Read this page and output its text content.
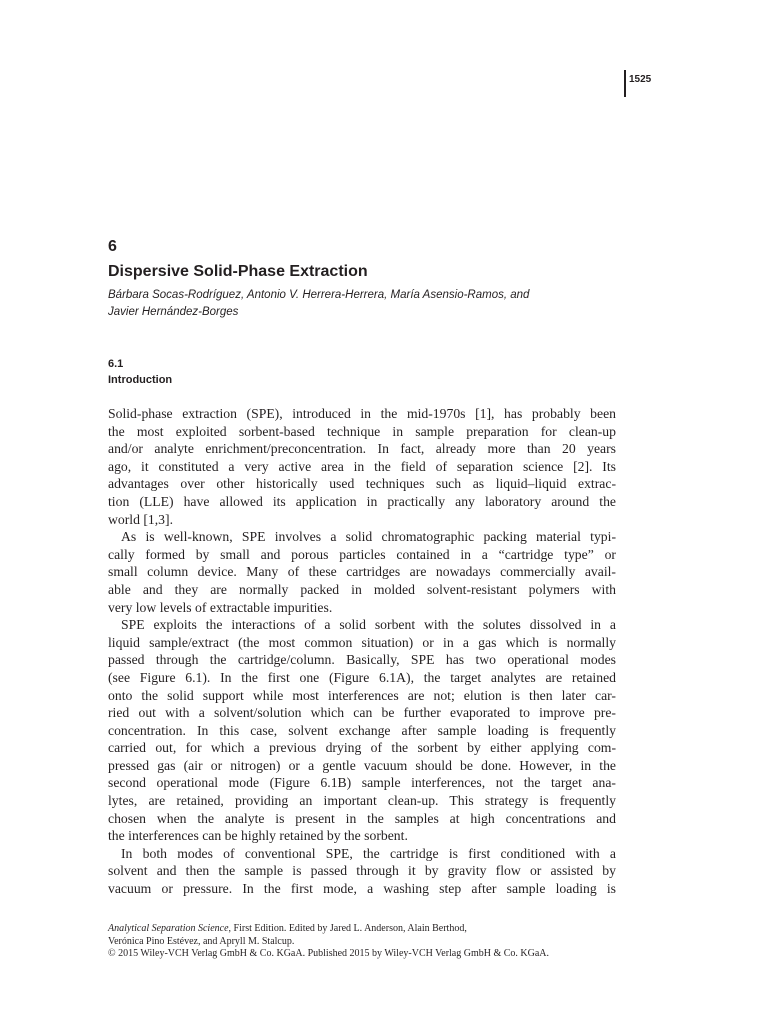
1525
6
Dispersive Solid-Phase Extraction
Bárbara Socas-Rodríguez, Antonio V. Herrera-Herrera, María Asensio-Ramos, and
Javier Hernández-Borges
6.1
Introduction
Solid-phase extraction (SPE), introduced in the mid-1970s [1], has probably been
the most exploited sorbent-based technique in sample preparation for clean-up
and/or analyte enrichment/preconcentration. In fact, already more than 20 years
ago, it constituted a very active area in the field of separation science [2]. Its
advantages over other historically used techniques such as liquid–liquid extrac-
tion (LLE) have allowed its application in practically any laboratory around the
world [1,3].
As is well-known, SPE involves a solid chromatographic packing material typi-
cally formed by small and porous particles contained in a “cartridge type” or
small column device. Many of these cartridges are nowadays commercially avail-
able and they are normally packed in molded solvent-resistant polymers with
very low levels of extractable impurities.
SPE exploits the interactions of a solid sorbent with the solutes dissolved in a
liquid sample/extract (the most common situation) or in a gas which is normally
passed through the cartridge/column. Basically, SPE has two operational modes
(see Figure 6.1). In the first one (Figure 6.1A), the target analytes are retained
onto the solid support while most interferences are not; elution is then later car-
ried out with a solvent/solution which can be further evaporated to improve pre-
concentration. In this case, solvent exchange after sample loading is frequently
carried out, for which a previous drying of the sorbent by either applying com-
pressed gas (air or nitrogen) or a gentle vacuum should be done. However, in the
second operational mode (Figure 6.1B) sample interferences, not the target ana-
lytes, are retained, providing an important clean-up. This strategy is frequently
chosen when the analyte is present in the samples at high concentrations and
the interferences can be highly retained by the sorbent.
In both modes of conventional SPE, the cartridge is first conditioned with a
solvent and then the sample is passed through it by gravity flow or assisted by
vacuum or pressure. In the first mode, a washing step after sample loading is
Analytical Separation Science, First Edition. Edited by Jared L. Anderson, Alain Berthod,
Verónica Pino Estévez, and Apryll M. Stalcup.
© 2015 Wiley-VCH Verlag GmbH & Co. KGaA. Published 2015 by Wiley-VCH Verlag GmbH & Co. KGaA.
